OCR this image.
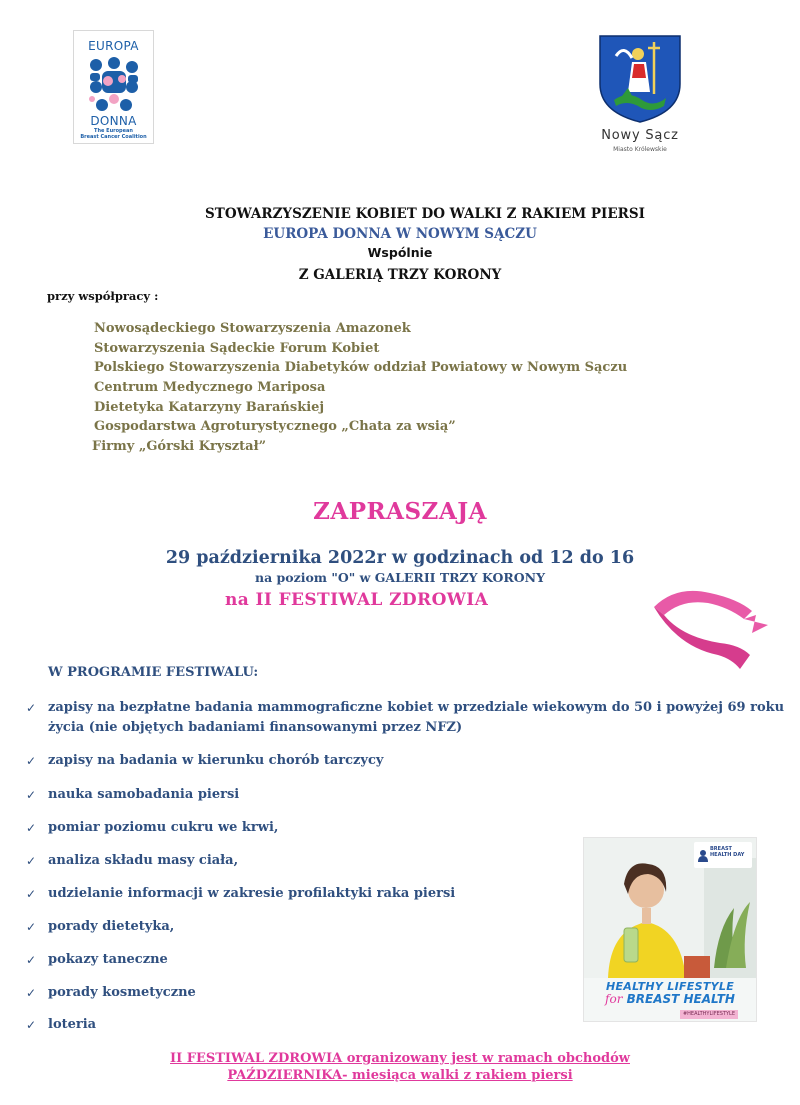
EUROPA
DONNA
The European
Breast Cancer Coalition	Nowy Sącz
Miasto Królewskie
STOWARZYSZENIE KOBIET DO WALKI Z RAKIEM PIERSI
EUROPA DONNA W NOWYM SĄCZU
Wspólnie
Z GALERIĄ TRZY KORONY
przy współpracy :
Nowosądeckiego Stowarzyszenia Amazonek
Stowarzyszenia Sądeckie Forum Kobiet
Polskiego Stowarzyszenia Diabetyków oddział Powiatowy w Nowym Sączu
Centrum Medycznego Mariposa
Dietetyka Katarzyny Barańskiej
Gospodarstwa Agroturystycznego „Chata za wsią”
Firmy „Górski Kryształ”
ZAPRASZAJĄ
29 października 2022r w godzinach od 12 do 16
na poziom "O" w GALERII TRZY KORONY
na II FESTIWAL ZDROWIA
W PROGRAMIE FESTIWALU:
✓ zapisy na bezpłatne badania mammograficzne kobiet w przedziale wiekowym do 50 i powyżej 69 roku życia (nie objętych badaniami finansowanymi przez NFZ)
✓ zapisy na badania w kierunku chorób tarczycy
✓ nauka samobadania piersi
✓ pomiar poziomu cukru we krwi,
✓ analiza składu masy ciała,
✓ udzielanie informacji w zakresie profilaktyki raka piersi
✓ porady dietetyka,
✓ pokazy taneczne
✓ porady kosmetyczne
✓ loteria
BREAST
HEALTH DAY
HEALTHY LIFESTYLE
for BREAST HEALTH
#HEALTHYLIFESTYLE
II FESTIWAL ZDROWIA organizowany jest w ramach obchodów
PAŹDZIERNIKA- miesiąca walki z rakiem piersi
